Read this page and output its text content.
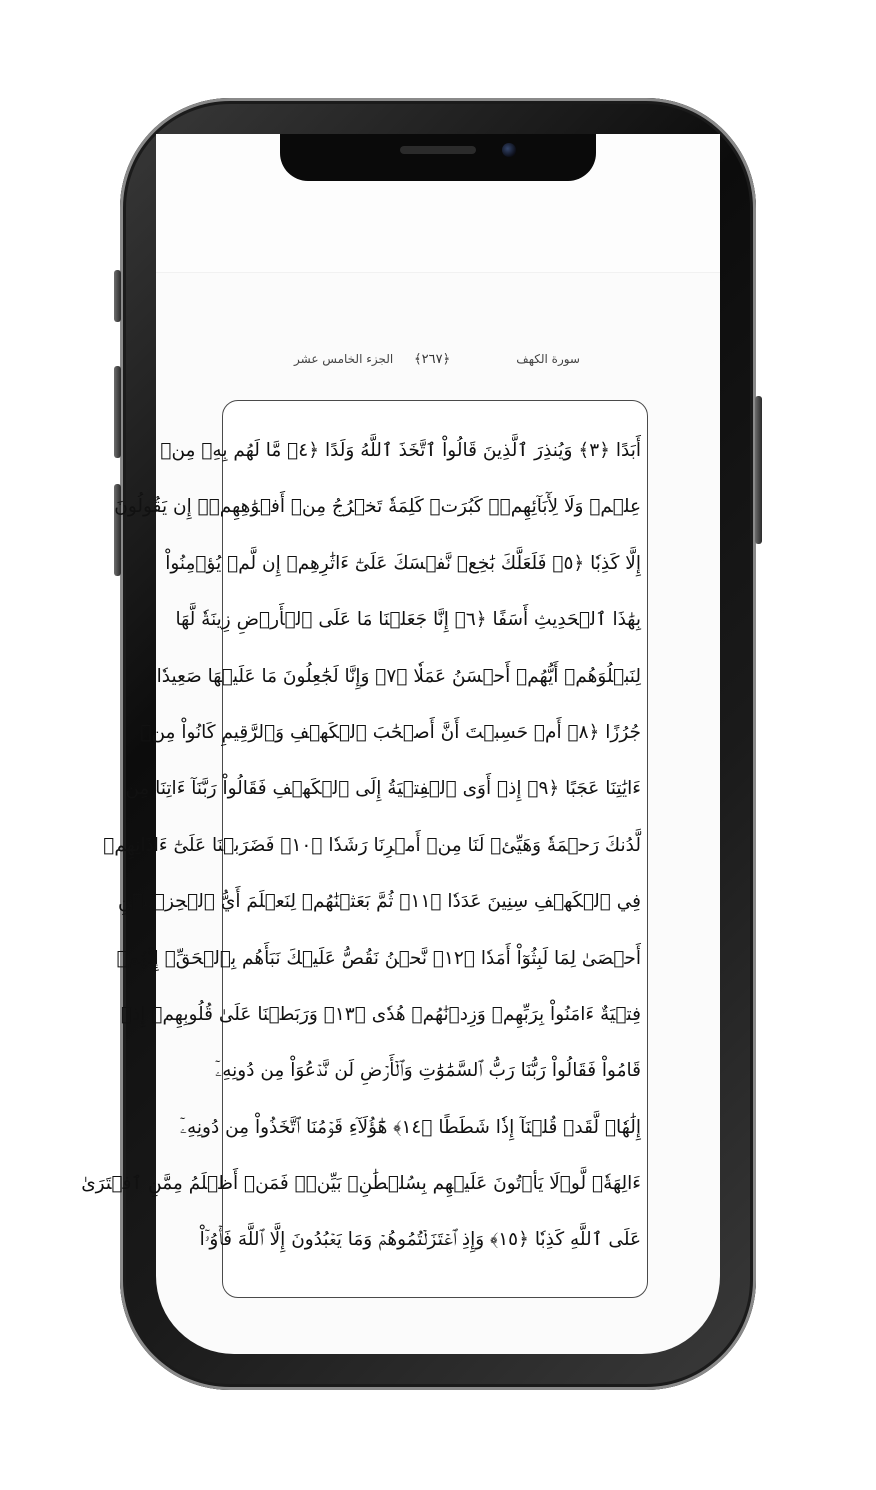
سورة الكهف
﴿٢٦٧﴾
الجزء الخامس عشر
أَبَدًا ﴿٣﴾ وَيُنذِرَ ٱلَّذِينَ قَالُواْ ٱتَّخَذَ ٱللَّهُ وَلَدًا ﴿٤﴾ مَّا لَهُم بِهِۦ مِنۡ
عِلۡمٖ وَلَا لِأٓبَآئِهِمۡۚ كَبُرَتۡ كَلِمَةٗ تَخۡرُجُ مِنۡ أَفۡوَٰهِهِمۡۚ إِن يَقُولُونَ
إِلَّا كَذِبٗا ﴿٥﴾ فَلَعَلَّكَ بَٰخِعٞ نَّفۡسَكَ عَلَىٰٓ ءَاثَٰرِهِمۡ إِن لَّمۡ يُؤۡمِنُواْ
بِهَٰذَا ٱلۡحَدِيثِ أَسَفًا ﴿٦﴾ إِنَّا جَعَلۡنَا مَا عَلَى ٱلۡأَرۡضِ زِينَةٗ لَّهَا
لِنَبۡلُوَهُمۡ أَيُّهُمۡ أَحۡسَنُ عَمَلٗا ﴿٧﴾ وَإِنَّا لَجَٰعِلُونَ مَا عَلَيۡهَا صَعِيدٗا
جُرُزًا ﴿٨﴾ أَمۡ حَسِبۡتَ أَنَّ أَصۡحَٰبَ ٱلۡكَهۡفِ وَٱلرَّقِيمِ كَانُواْ مِنۡ
ءَايَٰتِنَا عَجَبًا ﴿٩﴾ إِذۡ أَوَى ٱلۡفِتۡيَةُ إِلَى ٱلۡكَهۡفِ فَقَالُواْ رَبَّنَآ ءَاتِنَا مِن
لَّدُنكَ رَحۡمَةٗ وَهَيِّئۡ لَنَا مِنۡ أَمۡرِنَا رَشَدٗا ﴿١٠﴾ فَضَرَبۡنَا عَلَىٰٓ ءَاذَانِهِمۡ
فِي ٱلۡكَهۡفِ سِنِينَ عَدَدٗا ﴿١١﴾ ثُمَّ بَعَثۡنَٰهُمۡ لِنَعۡلَمَ أَيُّ ٱلۡحِزۡبَيۡنِ
أَحۡصَىٰ لِمَا لَبِثُوٓاْ أَمَدٗا ﴿١٢﴾ نَّحۡنُ نَقُصُّ عَلَيۡكَ نَبَأَهُم بِٱلۡحَقِّۚ إِنَّهُمۡ
فِتۡيَةٌ ءَامَنُواْ بِرَبِّهِمۡ وَزِدۡنَٰهُمۡ هُدٗى ﴿١٣﴾ وَرَبَطۡنَا عَلَىٰ قُلُوبِهِمۡ إِذۡ
قَامُواْ فَقَالُواْ رَبُّنَا رَبُّ ٱلسَّمَٰوَٰتِ وَٱلۡأَرۡضِ لَن نَّدۡعُوَاْ مِن دُونِهِۦٓ
إِلَٰهٗاۖ لَّقَدۡ قُلۡنَآ إِذٗا شَطَطًا ﴿١٤﴾ هَٰٓؤُلَآءِ قَوۡمُنَا ٱتَّخَذُواْ مِن دُونِهِۦٓ
ءَالِهَةٗۖ لَّوۡلَا يَأۡتُونَ عَلَيۡهِم بِسُلۡطَٰنِۭ بَيِّنٖۖ فَمَنۡ أَظۡلَمُ مِمَّنِ ٱفۡتَرَىٰ
عَلَى ٱللَّهِ كَذِبٗا ﴿١٥﴾ وَإِذِ ٱعۡتَزَلۡتُمُوهُمۡ وَمَا يَعۡبُدُونَ إِلَّا ٱللَّهَ فَأۡوُۥٓاْ
